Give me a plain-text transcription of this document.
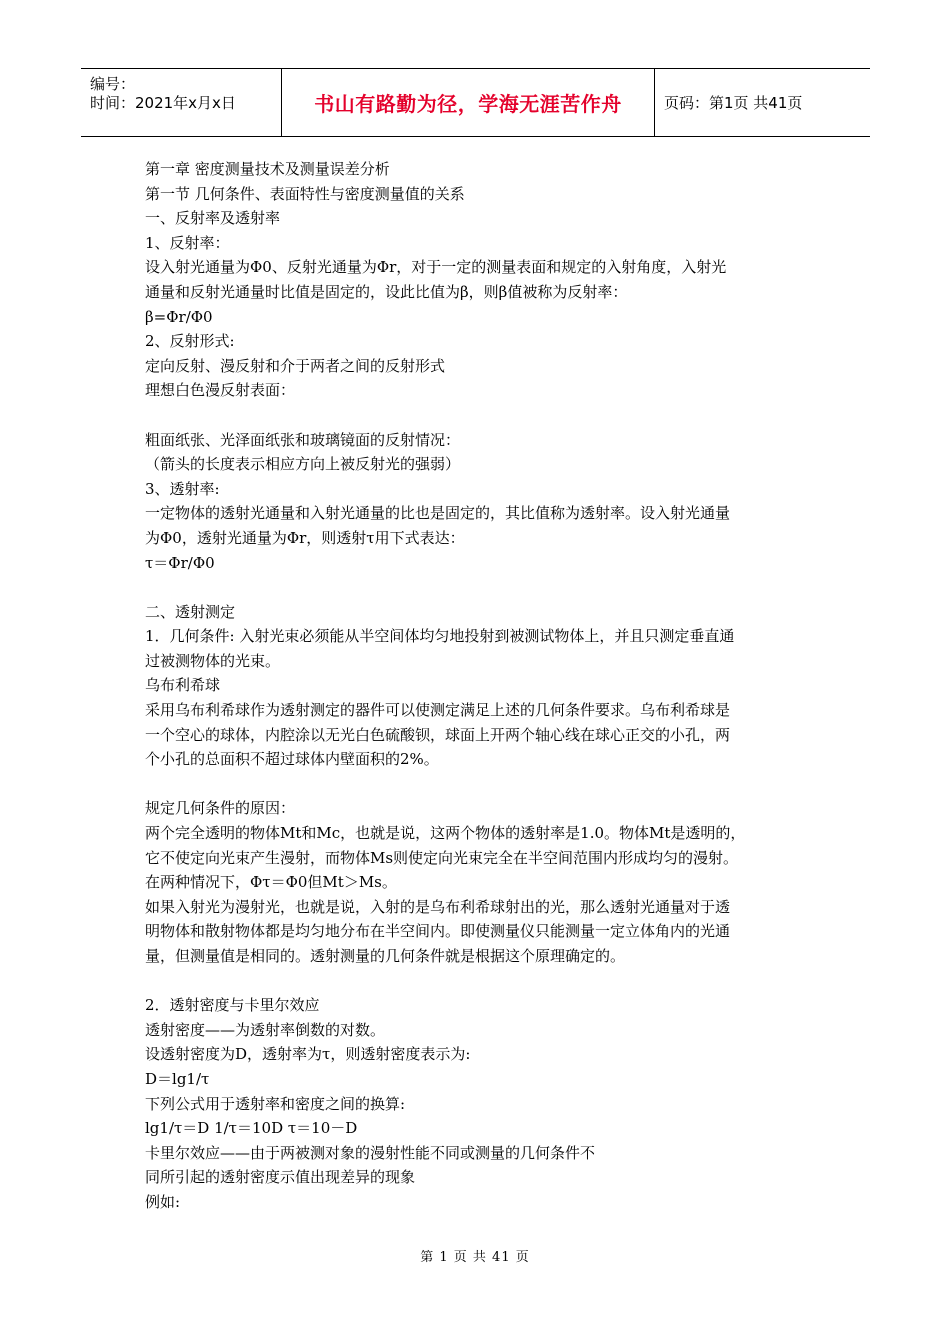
编号：
时间：2021年x月x日	书山有路勤为径，学海无涯苦作舟	页码：第1页 共41页
第一章 密度测量技术及测量误差分析
第一节 几何条件、表面特性与密度测量值的关系
一、反射率及透射率
1、反射率：
设入射光通量为Φ0、反射光通量为Φr，对于一定的测量表面和规定的入射角度，入射光
通量和反射光通量时比值是固定的，设此比值为β，则β值被称为反射率：
β=Φr/Φ0
2、反射形式:
定向反射、漫反射和介于两者之间的反射形式
理想白色漫反射表面：
粗面纸张、光泽面纸张和玻璃镜面的反射情况：
（箭头的长度表示相应方向上被反射光的强弱）
3、透射率:
一定物体的透射光通量和入射光通量的比也是固定的，其比值称为透射率。设入射光通量
为Φ0，透射光通量为Φr，则透射τ用下式表达：
τ＝Φr/Φ0
二、透射测定
1．几何条件: 入射光束必须能从半空间体均匀地投射到被测试物体上，并且只测定垂直通
过被测物体的光束。
乌布利希球
采用乌布利希球作为透射测定的器件可以使测定满足上述的几何条件要求。乌布利希球是
一个空心的球体，内腔涂以无光白色硫酸钡，球面上开两个轴心线在球心正交的小孔，两
个小孔的总面积不超过球体内壁面积的2%。
规定几何条件的原因：
两个完全透明的物体Mt和Mc，也就是说，这两个物体的透射率是1.0。物体Mt是透明的，
它不使定向光束产生漫射，而物体Ms则使定向光束完全在半空间范围内形成均匀的漫射。
在两种情况下，Φτ＝Φ0但Mt＞Ms。
如果入射光为漫射光，也就是说，入射的是乌布利希球射出的光，那么透射光通量对于透
明物体和散射物体都是均匀地分布在半空间内。即使测量仪只能测量一定立体角内的光通
量，但测量值是相同的。透射测量的几何条件就是根据这个原理确定的。
2．透射密度与卡里尔效应
透射密度——为透射率倒数的对数。
设透射密度为D，透射率为τ，则透射密度表示为:
D＝lg1/τ
下列公式用于透射率和密度之间的换算:
lg1/τ＝D 1/τ＝10D τ＝10－D
卡里尔效应——由于两被测对象的漫射性能不同或测量的几何条件不
同所引起的透射密度示值出现差异的现象
例如:
第 1 页 共 41 页
